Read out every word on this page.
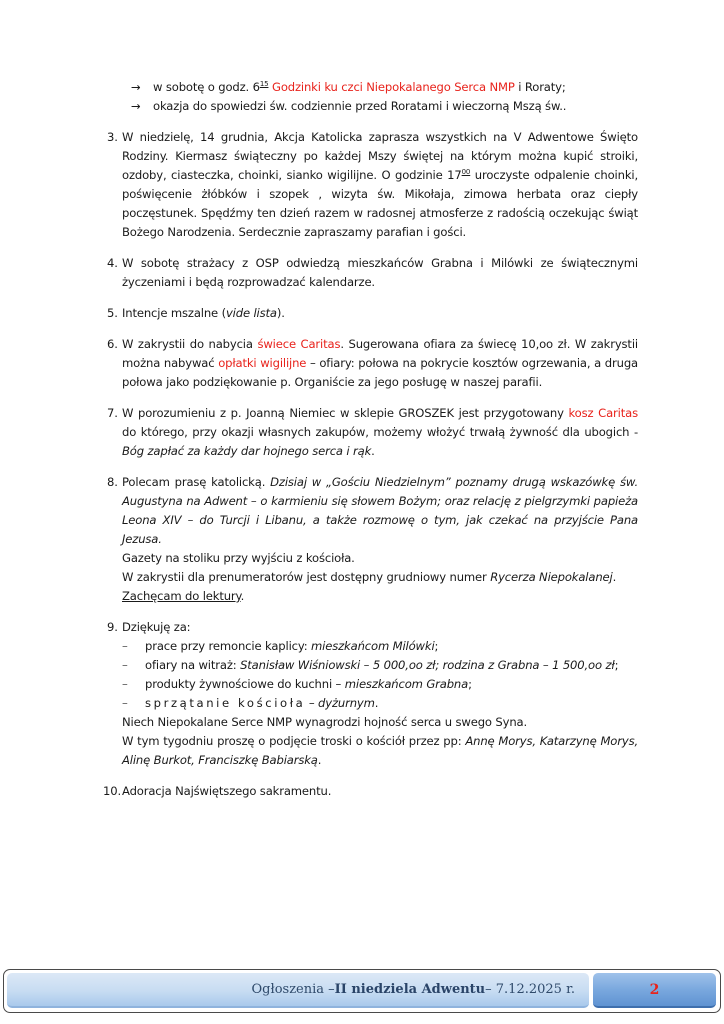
→ w sobotę o godz. $6^{15}$ Godzinki ku czci Niepokalanego Serca NMP i Roraty;
→ okazja do spowiedzi św. codziennie przed Roratami i wieczorną Mszą św..
3. W niedzielę, 14 grudnia, Akcja Katolicka zaprasza wszystkich na V Adwentowe Święto Rodziny. Kiermasz świąteczny po każdej Mszy świętej na którym można kupić stroiki, ozdoby, ciasteczka, choinki, sianko wigilijne. O godzinie $17^{00}$ uroczyste odpalenie choinki, poświęcenie żłóbków i szopek , wizyta św. Mikołaja, zimowa herbata oraz ciepły poczęstunek. Spędźmy ten dzień razem w radosnej atmosferze z radością oczekując świąt Bożego Narodzenia. Serdecznie zapraszamy parafian i gości.
4. W sobotę strażacy z OSP odwiedzą mieszkańców Grabna i Milówki ze świątecznymi życzeniami i będą rozprowadzać kalendarze.
5. Intencje mszalne (vide lista).
6. W zakrystii do nabycia świece Caritas. Sugerowana ofiara za świecę 10,oo zł. W zakrystii można nabywać opłatki wigilijne – ofiary: połowa na pokrycie kosztów ogrzewania, a druga połowa jako podziękowanie p. Organiście za jego posługę w naszej parafii.
7. W porozumieniu z p. Joanną Niemiec w sklepie GROSZEK jest przygotowany kosz Caritas do którego, przy okazji własnych zakupów, możemy włożyć trwałą żywność dla ubogich - Bóg zapłać za każdy dar hojnego serca i rąk.
8. Polecam prasę katolicką. Dzisiaj w „Gościu Niedzielnym” poznamy drugą wskazówkę św. Augustyna na Adwent – o karmieniu się słowem Bożym; oraz relację z pielgrzymki papieża Leona XIV – do Turcji i Libanu, a także rozmowę o tym, jak czekać na przyjście Pana Jezusa.
Gazety na stoliku przy wyjściu z kościoła.
W zakrystii dla prenumeratorów jest dostępny grudniowy numer Rycerza Niepokalanej.
Zachęcam do lektury.
9. Dziękuję za:
– prace przy remoncie kaplicy: mieszkańcom Milówki;
– ofiary na witraż: Stanisław Wiśniowski – 5 000,oo zł; rodzina z Grabna – 1 500,oo zł;
– produkty żywnościowe do kuchni – mieszkańcom Grabna;
– sprzątanie kościoła – dyżurnym.
Niech Niepokalane Serce NMP wynagrodzi hojność serca u swego Syna.
W tym tygodniu proszę o podjęcie troski o kościół przez pp: Annę Morys, Katarzynę Morys, Alinę Burkot, Franciszkę Babiarską.
10. Adoracja Najświętszego sakramentu.
Ogłoszenia – II niedziela Adwentu – 7.12.2025 r.	2
